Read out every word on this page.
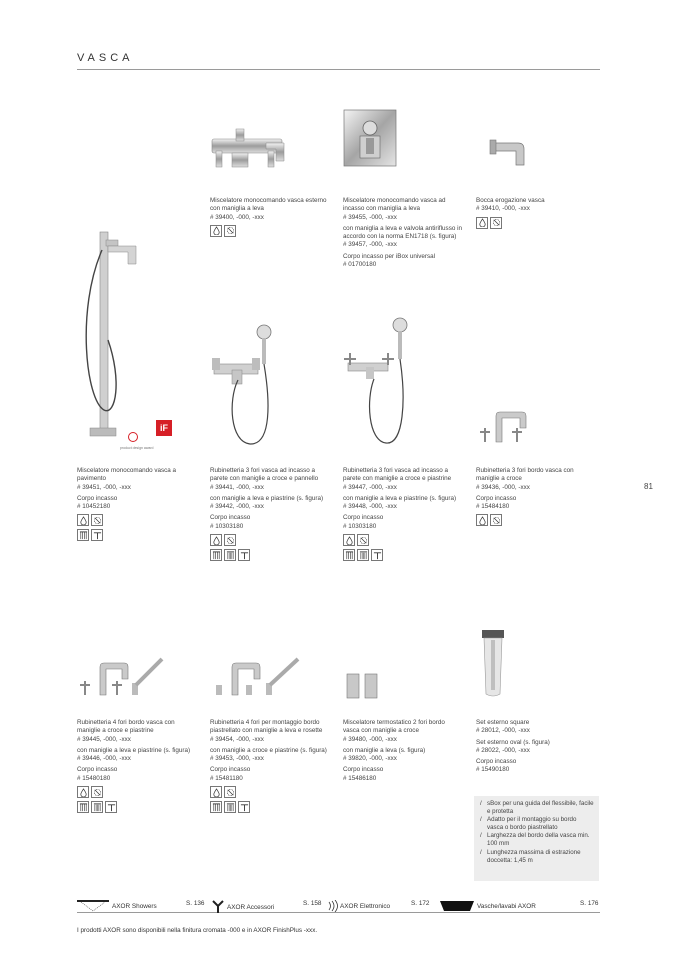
VASCA
81
iF
product design award

Miscelatore monocomando vasca esterno con maniglia a leva

# 39400, -000, -xxx

Miscelatore monocomando vasca ad incasso con maniglia a leva

# 39455, -000, -xxx

con maniglia a leva e valvola antiriflusso in accordo con la norma EN1718 (s. figura)

# 39457, -000, -xxx

Corpo incasso per iBox universal

# 01700180

Bocca erogazione vasca

# 39410, -000, -xxx

Miscelatore monocomando vasca a pavimento

# 39451, -000, -xxx

Corpo incasso

# 10452180

Rubinetteria 3 fori vasca ad incasso a parete con maniglie a croce e pannello

# 39441, -000, -xxx

con maniglie a leva e piastrine (s. figura)

# 39442, -000, -xxx

Corpo incasso

# 10303180

Rubinetteria 3 fori vasca ad incasso a parete con maniglie a croce e piastrine

# 39447, -000, -xxx

con maniglie a leva e piastrine (s. figura)

# 39448, -000, -xxx

Corpo incasso

# 10303180

Rubinetteria 3 fori bordo vasca con maniglie a croce

# 39436, -000, -xxx

Corpo incasso

# 15484180

Rubinetteria 4 fori bordo vasca con maniglie a croce e piastrine

# 39445, -000, -xxx

con maniglie a leva e piastrine (s. figura)

# 39446, -000, -xxx

Corpo incasso

# 15480180

Rubinetteria 4 fori per montaggio bordo piastrellato con maniglie a leva e rosette

# 39454, -000, -xxx

con maniglie a croce e piastrine (s. figura)

# 39453, -000, -xxx

Corpo incasso

# 15481180

Miscelatore termostatico 2 fori bordo vasca con maniglie a croce

# 39480, -000, -xxx

con maniglie a leva (s. figura)

# 39820, -000, -xxx

Corpo incasso

# 15486180

Set esterno square

# 28012, -000, -xxx

Set esterno oval (s. figura)

# 28022, -000, -xxx

Corpo incasso

# 15490180

/ sBox per una guida del flessibile, facile e protetta
/ Adatto per il montaggio su bordo vasca o bordo piastrellato
/ Larghezza del bordo della vasca min. 100 mm
/ Lunghezza massima di estrazione doccetta: 1,45 m
AXOR Showers	S. 136	AXOR Accessori	S. 158	AXOR Elettronico	S. 172	Vasche/lavabi AXOR	S. 176
I prodotti AXOR sono disponibili nella finitura cromata -000 e in AXOR FinishPlus -xxx.
